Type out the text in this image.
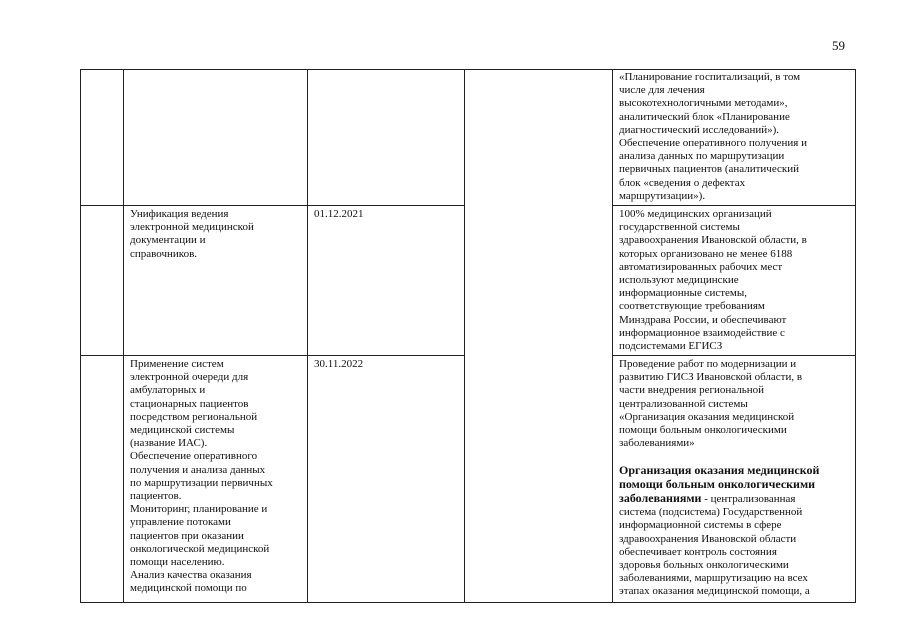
59
«Планирование госпитализаций, в том
числе для лечения
высокотехнологичными методами»,
аналитический блок «Планирование
диагностический исследований»).
Обеспечение оперативного получения и
анализа данных по маршрутизации
первичных пациентов (аналитический
блок «сведения о дефектах
маршрутизации»).
Унификация ведения
электронной медицинской
документации и
справочников.
01.12.2021	100% медицинских организаций
государственной системы
здравоохранения Ивановской области, в
которых организовано не менее 6188
автоматизированных рабочих мест
используют медицинские
информационные системы,
соответствующие требованиям
Минздрава России, и обеспечивают
информационное взаимодействие с
подсистемами ЕГИСЗ
Применение систем
электронной очереди для
амбулаторных и
стационарных пациентов
посредством региональной
медицинской системы
(название ИАС).
Обеспечение оперативного
получения и анализа данных
по маршрутизации первичных
пациентов.
Мониторинг, планирование и
управление потоками
пациентов при оказании
онкологической медицинской
помощи населению.
Анализ качества оказания
медицинской помощи по
30.11.2022	Проведение работ по модернизации и
развитию ГИСЗ Ивановской области, в
части внедрения региональной
централизованной системы
«Организация оказания медицинской
помощи больным онкологическими
заболеваниями»

Организация оказания медицинской
помощи больным онкологическими
заболеваниями - централизованная
система (подсистема) Государственной
информационной системы в сфере
здравоохранения Ивановской области
обеспечивает контроль состояния
здоровья больных онкологическими
заболеваниями, маршрутизацию на всех
этапах оказания медицинской помощи, а
